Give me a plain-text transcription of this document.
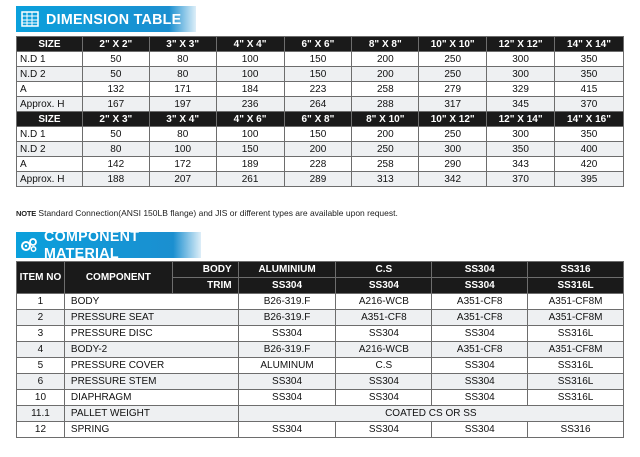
DIMENSION TABLE
SIZE	2" X 2"	3" X 3"	4" X 4"	6" X 6"	8" X 8"	10" X 10"	12" X 12"	14" X 14"
N.D 1	50	80	100	150	200	250	300	350
N.D 2	50	80	100	150	200	250	300	350
A	132	171	184	223	258	279	329	415
Approx. H	167	197	236	264	288	317	345	370
SIZE	2" X 3"	3" X 4"	4" X 6"	6" X 8"	8" X 10"	10" X 12"	12" X 14"	14" X 16"
N.D 1	50	80	100	150	200	250	300	350
N.D 2	80	100	150	200	250	300	350	400
A	142	172	189	228	258	290	343	420
Approx. H	188	207	261	289	313	342	370	395
NOTE Standard Connection(ANSI 150LB flange) and JIS or different types are available upon request.
COMPONENT MATERIAL
ITEM NO	COMPONENT	BODY	ALUMINIUM	C.S	SS304	SS316
		TRIM	SS304	SS304	SS304	SS316L
1	BODY		B26-319.F	A216-WCB	A351-CF8	A351-CF8M
2	PRESSURE SEAT		B26-319.F	A351-CF8	A351-CF8	A351-CF8M
3	PRESSURE DISC		SS304	SS304	SS304	SS316L
4	BODY-2		B26-319.F	A216-WCB	A351-CF8	A351-CF8M
5	PRESSURE COVER		ALUMINUM	C.S	SS304	SS316L
6	PRESSURE STEM		SS304	SS304	SS304	SS316L
10	DIAPHRAGM		SS304	SS304	SS304	SS316L
11.1	PALLET WEIGHT		COATED CS OR SS			
12	SPRING		SS304	SS304	SS304	SS316
